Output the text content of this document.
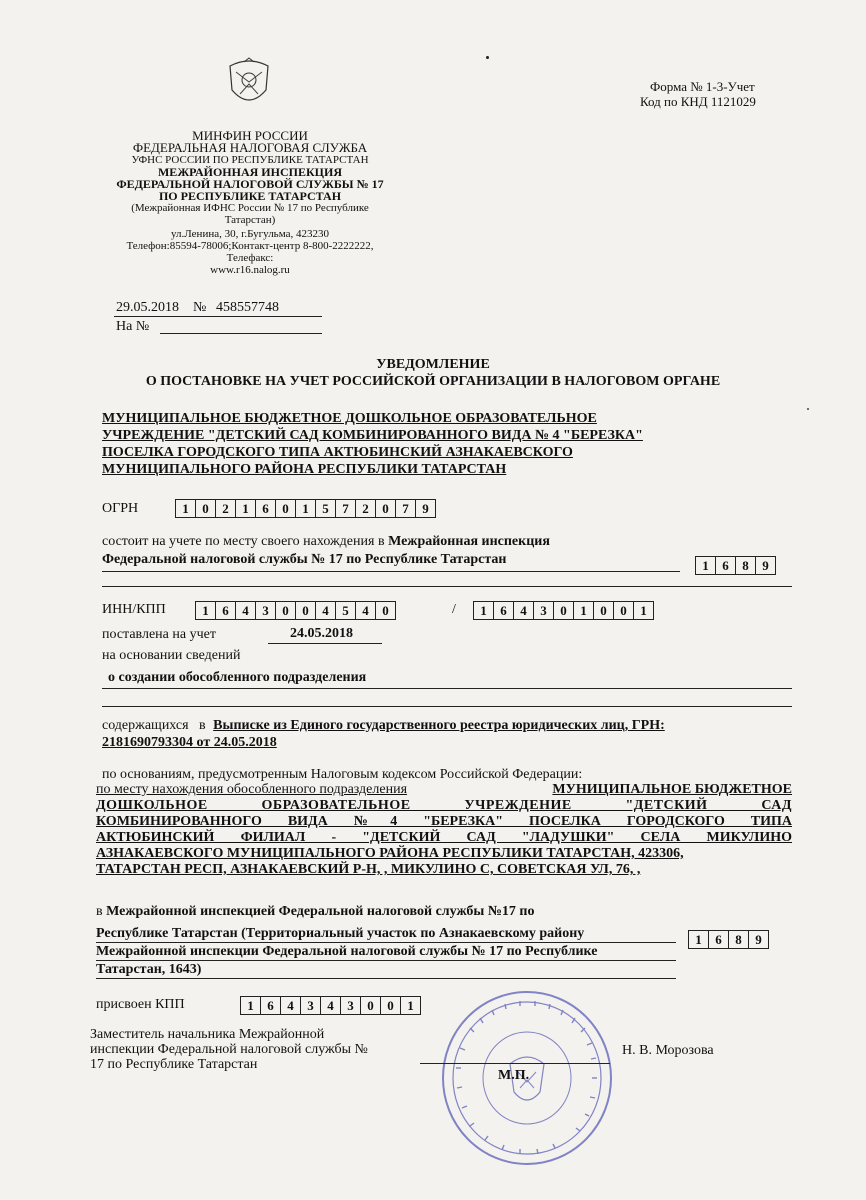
Форма № 1-3-Учет
Код по КНД 1121029
МИНФИН РОССИИ
ФЕДЕРАЛЬНАЯ НАЛОГОВАЯ СЛУЖБА
УФНС РОССИИ ПО РЕСПУБЛИКЕ ТАТАРСТАН
МЕЖРАЙОННАЯ ИНСПЕКЦИЯ
ФЕДЕРАЛЬНОЙ НАЛОГОВОЙ СЛУЖБЫ № 17
ПО РЕСПУБЛИКЕ ТАТАРСТАН
(Межрайонная ИФНС России № 17 по Республике
Татарстан)
ул.Ленина, 30, г.Бугульма, 423230
Телефон:85594-78006;Контакт-центр 8-800-2222222,
Телефакс:
www.r16.nalog.ru
29.05.2018 № 458557748
На №
УВЕДОМЛЕНИЕ
О ПОСТАНОВКЕ НА УЧЕТ РОССИЙСКОЙ ОРГАНИЗАЦИИ В НАЛОГОВОМ ОРГАНЕ
МУНИЦИПАЛЬНОЕ БЮДЖЕТНОЕ ДОШКОЛЬНОЕ ОБРАЗОВАТЕЛЬНОЕ
УЧРЕЖДЕНИЕ "ДЕТСКИЙ САД КОМБИНИРОВАННОГО ВИДА № 4 "БЕРЕЗКА"
ПОСЕЛКА ГОРОДСКОГО ТИПА АКТЮБИНСКИЙ АЗНАКАЕВСКОГО
МУНИЦИПАЛЬНОГО РАЙОНА РЕСПУБЛИКИ ТАТАРСТАН
ОГРН	1	0	2	1	6	0	1	5	7	2	0	7	9
состоит на учете по месту своего нахождения в Межрайонная инспекция
Федеральной налоговой службы № 17 по Республике Татарстан	1	6	8	9
ИНН/КПП	1	6	4	3	0	0	4	5	4	0	/	1	6	4	3	0	1	0	0	1
поставлена на учет	24.05.2018
на основании сведений
о создании обособленного подразделения
содержащихся   в Выписке из Единого государственного реестра юридических лиц, ГРН:
2181690793304 от 24.05.2018
по основаниям, предусмотренным Налоговым кодексом Российской Федерации:
по месту нахождения обособленного подразделения	МУНИЦИПАЛЬНОЕ БЮДЖЕТНОЕ
ДОШКОЛЬНОЕ ОБРАЗОВАТЕЛЬНОЕ УЧРЕЖДЕНИЕ "ДЕТСКИЙ САД
КОМБИНИРОВАННОГО ВИДА №4 "БЕРЕЗКА" ПОСЕЛКА ГОРОДСКОГО ТИПА
АКТЮБИНСКИЙ ФИЛИАЛ - "ДЕТСКИЙ САД "ЛАДУШКИ" СЕЛА МИКУЛИНО
АЗНАКАЕВСКОГО МУНИЦИПАЛЬНОГО РАЙОНА РЕСПУБЛИКИ ТАТАРСТАН, 423306,
ТАТАРСТАН РЕСП, АЗНАКАЕВСКИЙ Р-Н, , МИКУЛИНО С, СОВЕТСКАЯ УЛ, 76, ,
в Межрайонной инспекцией Федеральной налоговой службы №17 по
Республике Татарстан (Территориальный участок по Азнакаевскому району
Межрайонной инспекции Федеральной налоговой службы № 17 по Республике
Татарстан, 1643)
1	6	8	9
присвоен КПП	1	6	4	3	4	3	0	0	1
Заместитель начальника Межрайонной
инспекции Федеральной налоговой службы №
17 по Республике Татарстан
Н. В. Морозова
М.П.
